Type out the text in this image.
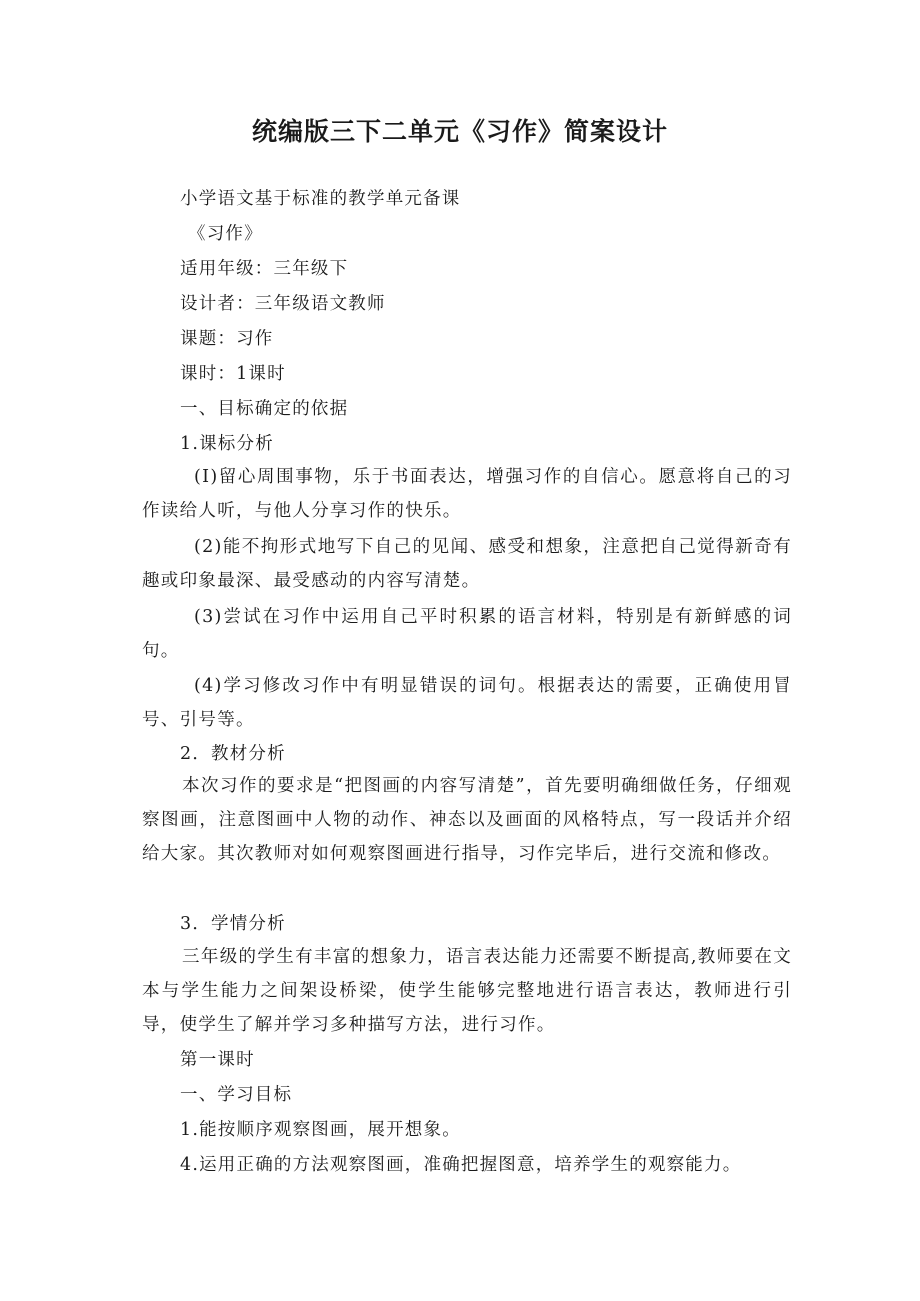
统编版三下二单元《习作》简案设计
小学语文基于标准的教学单元备课
《习作》
适用年级：三年级下
设计者：三年级语文教师
课题：习作
课时：1课时
一、目标确定的依据
1.课标分析
(I)留心周围事物，乐于书面表达，增强习作的自信心。愿意将自己的习作读给人听，与他人分享习作的快乐。
(2)能不拘形式地写下自己的见闻、感受和想象，注意把自己觉得新奇有趣或印象最深、最受感动的内容写清楚。
(3)尝试在习作中运用自己平时积累的语言材料，特别是有新鲜感的词句。
(4)学习修改习作中有明显错误的词句。根据表达的需要，正确使用冒号、引号等。
2．教材分析
本次习作的要求是“把图画的内容写清楚”，首先要明确细做任务，仔细观察图画，注意图画中人物的动作、神态以及画面的风格特点，写一段话并介绍给大家。其次教师对如何观察图画进行指导，习作完毕后，进行交流和修改。
3．学情分析
三年级的学生有丰富的想象力，语言表达能力还需要不断提高,教师要在文本与学生能力之间架设桥梁，使学生能够完整地进行语言表达，教师进行引导，使学生了解并学习多种描写方法，进行习作。
第一课时
一、学习目标
1.能按顺序观察图画，展开想象。
4.运用正确的方法观察图画，准确把握图意，培养学生的观察能力。
